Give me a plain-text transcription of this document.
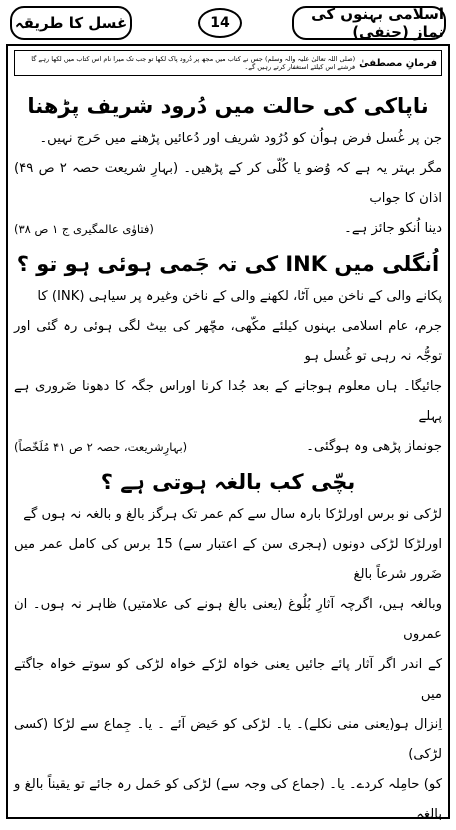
اسلامی بہنوں کی نماز (حنفی)
14
غسل کا طریقہ
فرمانِ مصطفیٰ
(صلی اللہ تعالیٰ علیہ والہ وسلم) جس نے کتاب میں مجھ پر دُرود پاک لکھا تو جب تک میرا نام اس کتاب میں لکھا رہے گا فرشتے اس کیلئے استغفار کرتے رہیں گے۔
ناپاکی کی حالت میں دُرود شریف پڑھنا
جن پر غُسل فرض ہواُن کو دُرُود شریف اور دُعائیں پڑھنے میں حَرج نہیں۔
مگر بہتر یہ ہے کہ وُضو یا کُلّی کر کے پڑھیں۔ (بہارِ شریعت حصہ ۲ ص ۴۹) اذان کا جواب
دینا اُنکو جائز ہے۔
(فتاوٰی عالمگیری ج ۱ ص ۳۸)
اُنگلی میں INK کی تہ جَمی ہوئی ہو تو ؟
پکانے والی کے ناخن میں آٹا، لکھنے والی کے ناخن وغیرہ پر سیاہی (INK) کا
جرم، عام اسلامی بہنوں کیلئے مکّھی، مچّھر کی بیٹ لگی ہوئی رہ گئی اور توجُّہ نہ رہی تو غُسل ہو
جائیگا۔ ہاں معلوم ہوجانے کے بعد جُدا کرنا اوراس جگہ کا دھونا ضَروری ہے پہلے
جونماز پڑھی وہ ہوگئی۔
(بہارِشریعت، حصہ ۲ ص ۴۱ مُلَخّصاً)
بچّی کب بالغہ ہوتی ہے ؟
لڑکی نو برس اورلڑکا بارہ سال سے کم عمر تک ہرگز بالغ و بالغہ نہ ہوں گے
اورلڑکا لڑکی دونوں (ہجری سن کے اعتبار سے) 15 برس کی کامل عمر میں ضَرور شرعاً بالغ
وبالغہ ہیں، اگرچہ آثارِ بُلُوغ (یعنی بالغ ہونے کی علامتیں) ظاہر نہ ہوں۔ ان عمروں
کے اندر اگر آثار پائے جائیں یعنی خواہ لڑکے خواہ لڑکی کو سوتے خواہ جاگتے میں
اِنزال ہو(یعنی منی نکلے)۔ یا۔ لڑکی کو حَیض آئے ۔ یا۔ جِماع سے لڑکا (کسی لڑکی)
کو) حامِلہ کردے۔ یا۔ (جماع کی وجہ سے) لڑکی کو حَمل رہ جائے تو یقیناً بالغ و بالغہ
